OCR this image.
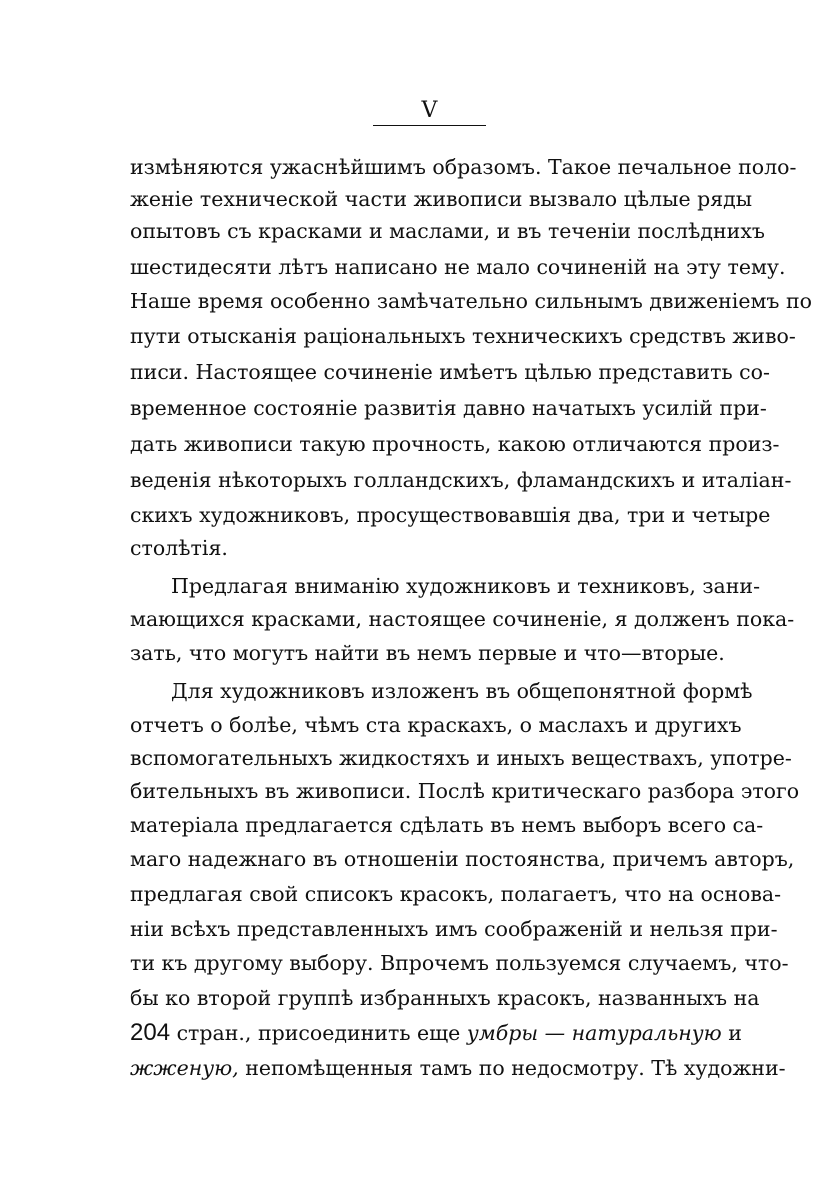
V
измѣняются ужаснѣйшимъ образомъ. Такое печальное поло-
женіе технической части живописи вызвало цѣлые ряды
опытовъ съ красками и маслами, и въ теченіи послѣднихъ
шестидесяти лѣтъ написано не мало сочиненій на эту тему.
Наше время особенно замѣчательно сильнымъ движеніемъ по
пути отысканія раціональныхъ техническихъ средствъ живо-
писи. Настоящее сочиненіе имѣетъ цѣлью представить со-
временное состояніе развитія давно начатыхъ усилій при-
дать живописи такую прочность, какою отличаются произ-
веденія нѣкоторыхъ голландскихъ, фламандскихъ и италіан-
скихъ художниковъ, просуществовавшія два, три и четыре
столѣтія.
Предлагая вниманію художниковъ и техниковъ, зани-
мающихся красками, настоящее сочиненіе, я долженъ пока-
зать, что могутъ найти въ немъ первые и что—вторые.
Для художниковъ изложенъ въ общепонятной формѣ
отчетъ о болѣе, чѣмъ ста краскахъ, о маслахъ и другихъ
вспомогательныхъ жидкостяхъ и иныхъ веществахъ, употре-
бительныхъ въ живописи. Послѣ критическаго разбора этого
матеріала предлагается сдѣлать въ немъ выборъ всего са-
маго надежнаго въ отношеніи постоянства, причемъ авторъ,
предлагая свой списокъ красокъ, полагаетъ, что на основа-
ніи всѣхъ представленныхъ имъ соображеній и нельзя при-
ти къ другому выбору. Впрочемъ пользуемся случаемъ, что-
бы ко второй группѣ избранныхъ красокъ, названныхъ на
204 стран., присоединить еще умбры — натуральную и
жженую, непомѣщенныя тамъ по недосмотру. Тѣ художни-
